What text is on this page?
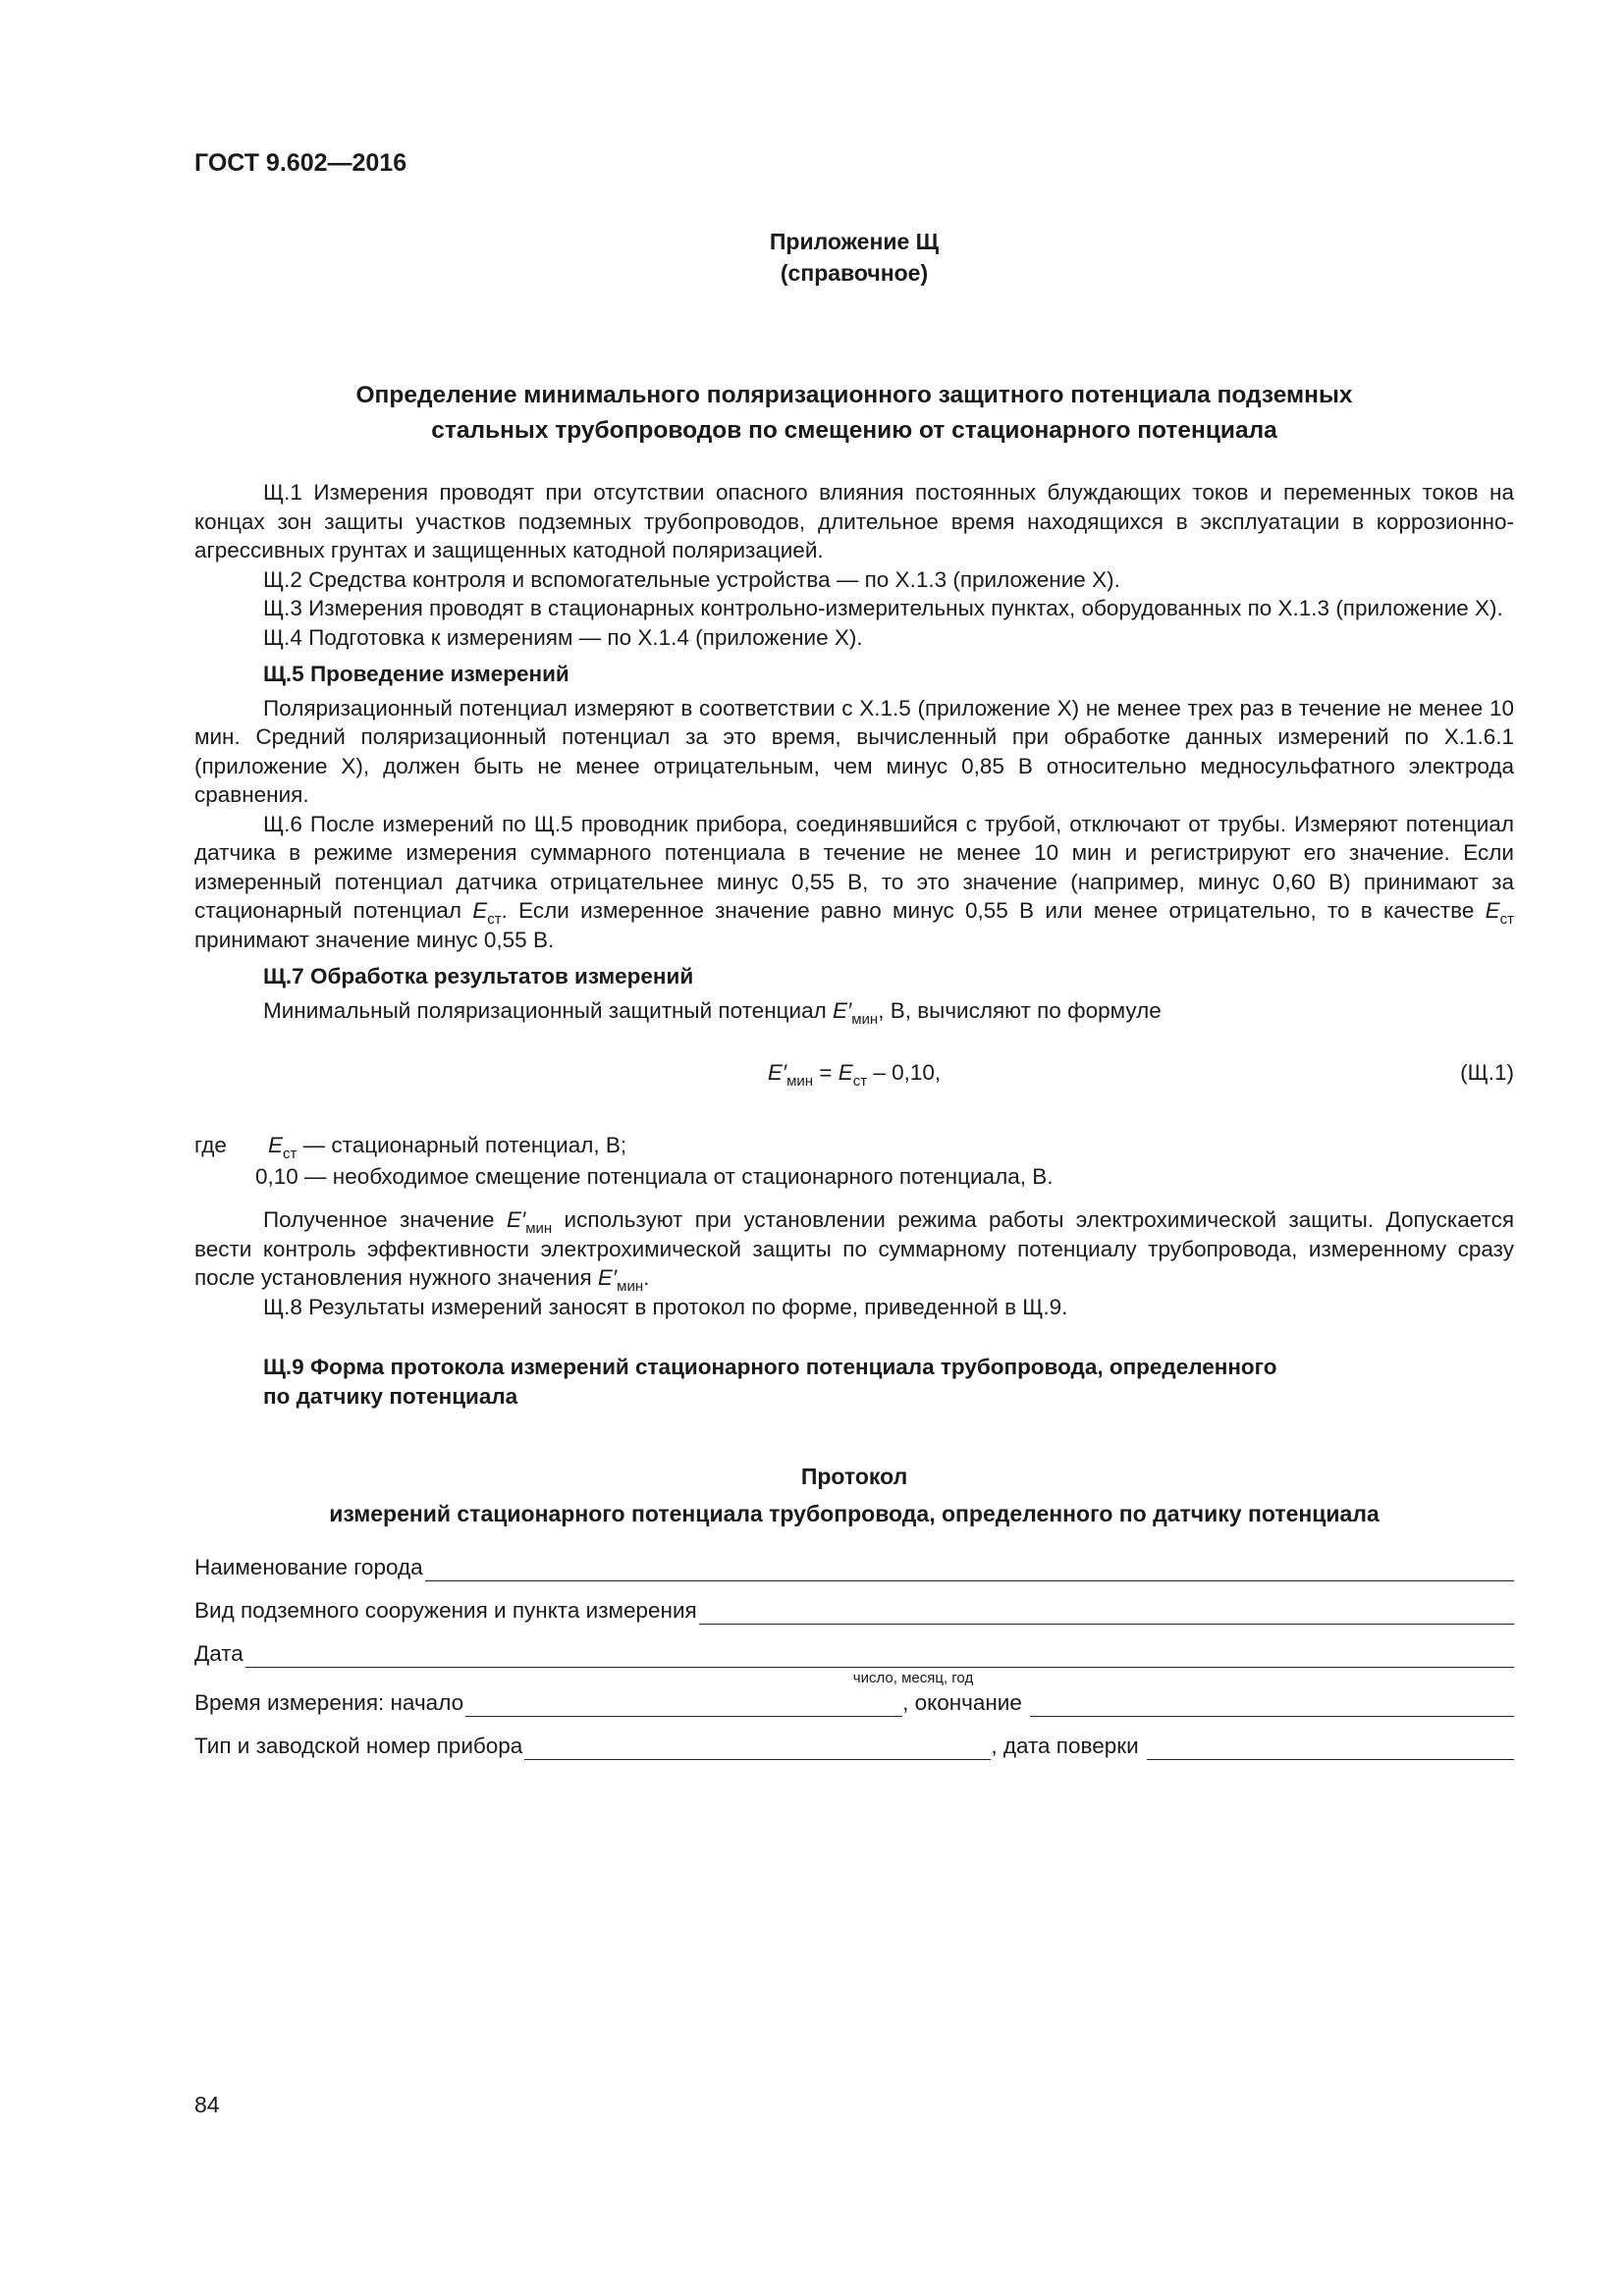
ГОСТ 9.602—2016
Приложение Щ
(справочное)
Определение минимального поляризационного защитного потенциала подземных
стальных трубопроводов по смещению от стационарного потенциала

Щ.1 Измерения проводят при отсутствии опасного влияния постоянных блуждающих токов и переменных токов на концах зон защиты участков подземных трубопроводов, длительное время находящихся в эксплуатации в коррозионно-агрессивных грунтах и защищенных катодной поляризацией.

Щ.2 Средства контроля и вспомогательные устройства — по Х.1.3 (приложение Х).

Щ.3 Измерения проводят в стационарных контрольно-измерительных пунктах, оборудованных по Х.1.3 (приложение Х).

Щ.4 Подготовка к измерениям — по Х.1.4 (приложение Х).

Щ.5 Проведение измерений

Поляризационный потенциал измеряют в соответствии с Х.1.5 (приложение Х) не менее трех раз в течение не менее 10 мин. Средний поляризационный потенциал за это время, вычисленный при обработке данных измерений по Х.1.6.1 (приложение Х), должен быть не менее отрицательным, чем минус 0,85 В относительно медносульфатного электрода сравнения.

Щ.6 После измерений по Щ.5 проводник прибора, соединявшийся с трубой, отключают от трубы. Измеряют потенциал датчика в режиме измерения суммарного потенциала в течение не менее 10 мин и регистрируют его значение. Если измеренный потенциал датчика отрицательнее минус 0,55 В, то это значение (например, минус 0,60 В) принимают за стационарный потенциал $E_{ст}$. Если измеренное значение равно минус 0,55 В или менее отрицательно, то в качестве $E_{ст}$ принимают значение минус 0,55 В.

Щ.7 Обработка результатов измерений

Минимальный поляризационный защитный потенциал $E'_{мин}$, В, вычисляют по формуле

$E'_{мин} = E_{ст} - 0,10$,	(Щ.1)
где $E_{ст}$ — стационарный потенциал, В;
0,10 — необходимое смещение потенциала от стационарного потенциала, В.

Полученное значение $E'_{мин}$ используют при установлении режима работы электрохимической защиты. Допускается вести контроль эффективности электрохимической защиты по суммарному потенциалу трубопровода, измеренному сразу после установления нужного значения $E'_{мин}$.

Щ.8 Результаты измерений заносят в протокол по форме, приведенной в Щ.9.

Щ.9 Форма протокола измерений стационарного потенциала трубопровода, определенного
по датчику потенциала
Протокол
измерений стационарного потенциала трубопровода, определенного по датчику потенциала
Наименование города
Вид подземного сооружения и пункта измерения
Дата
число, месяц, год
Время измерения: начало	, окончание
Тип и заводской номер прибора	, дата поверки
84
